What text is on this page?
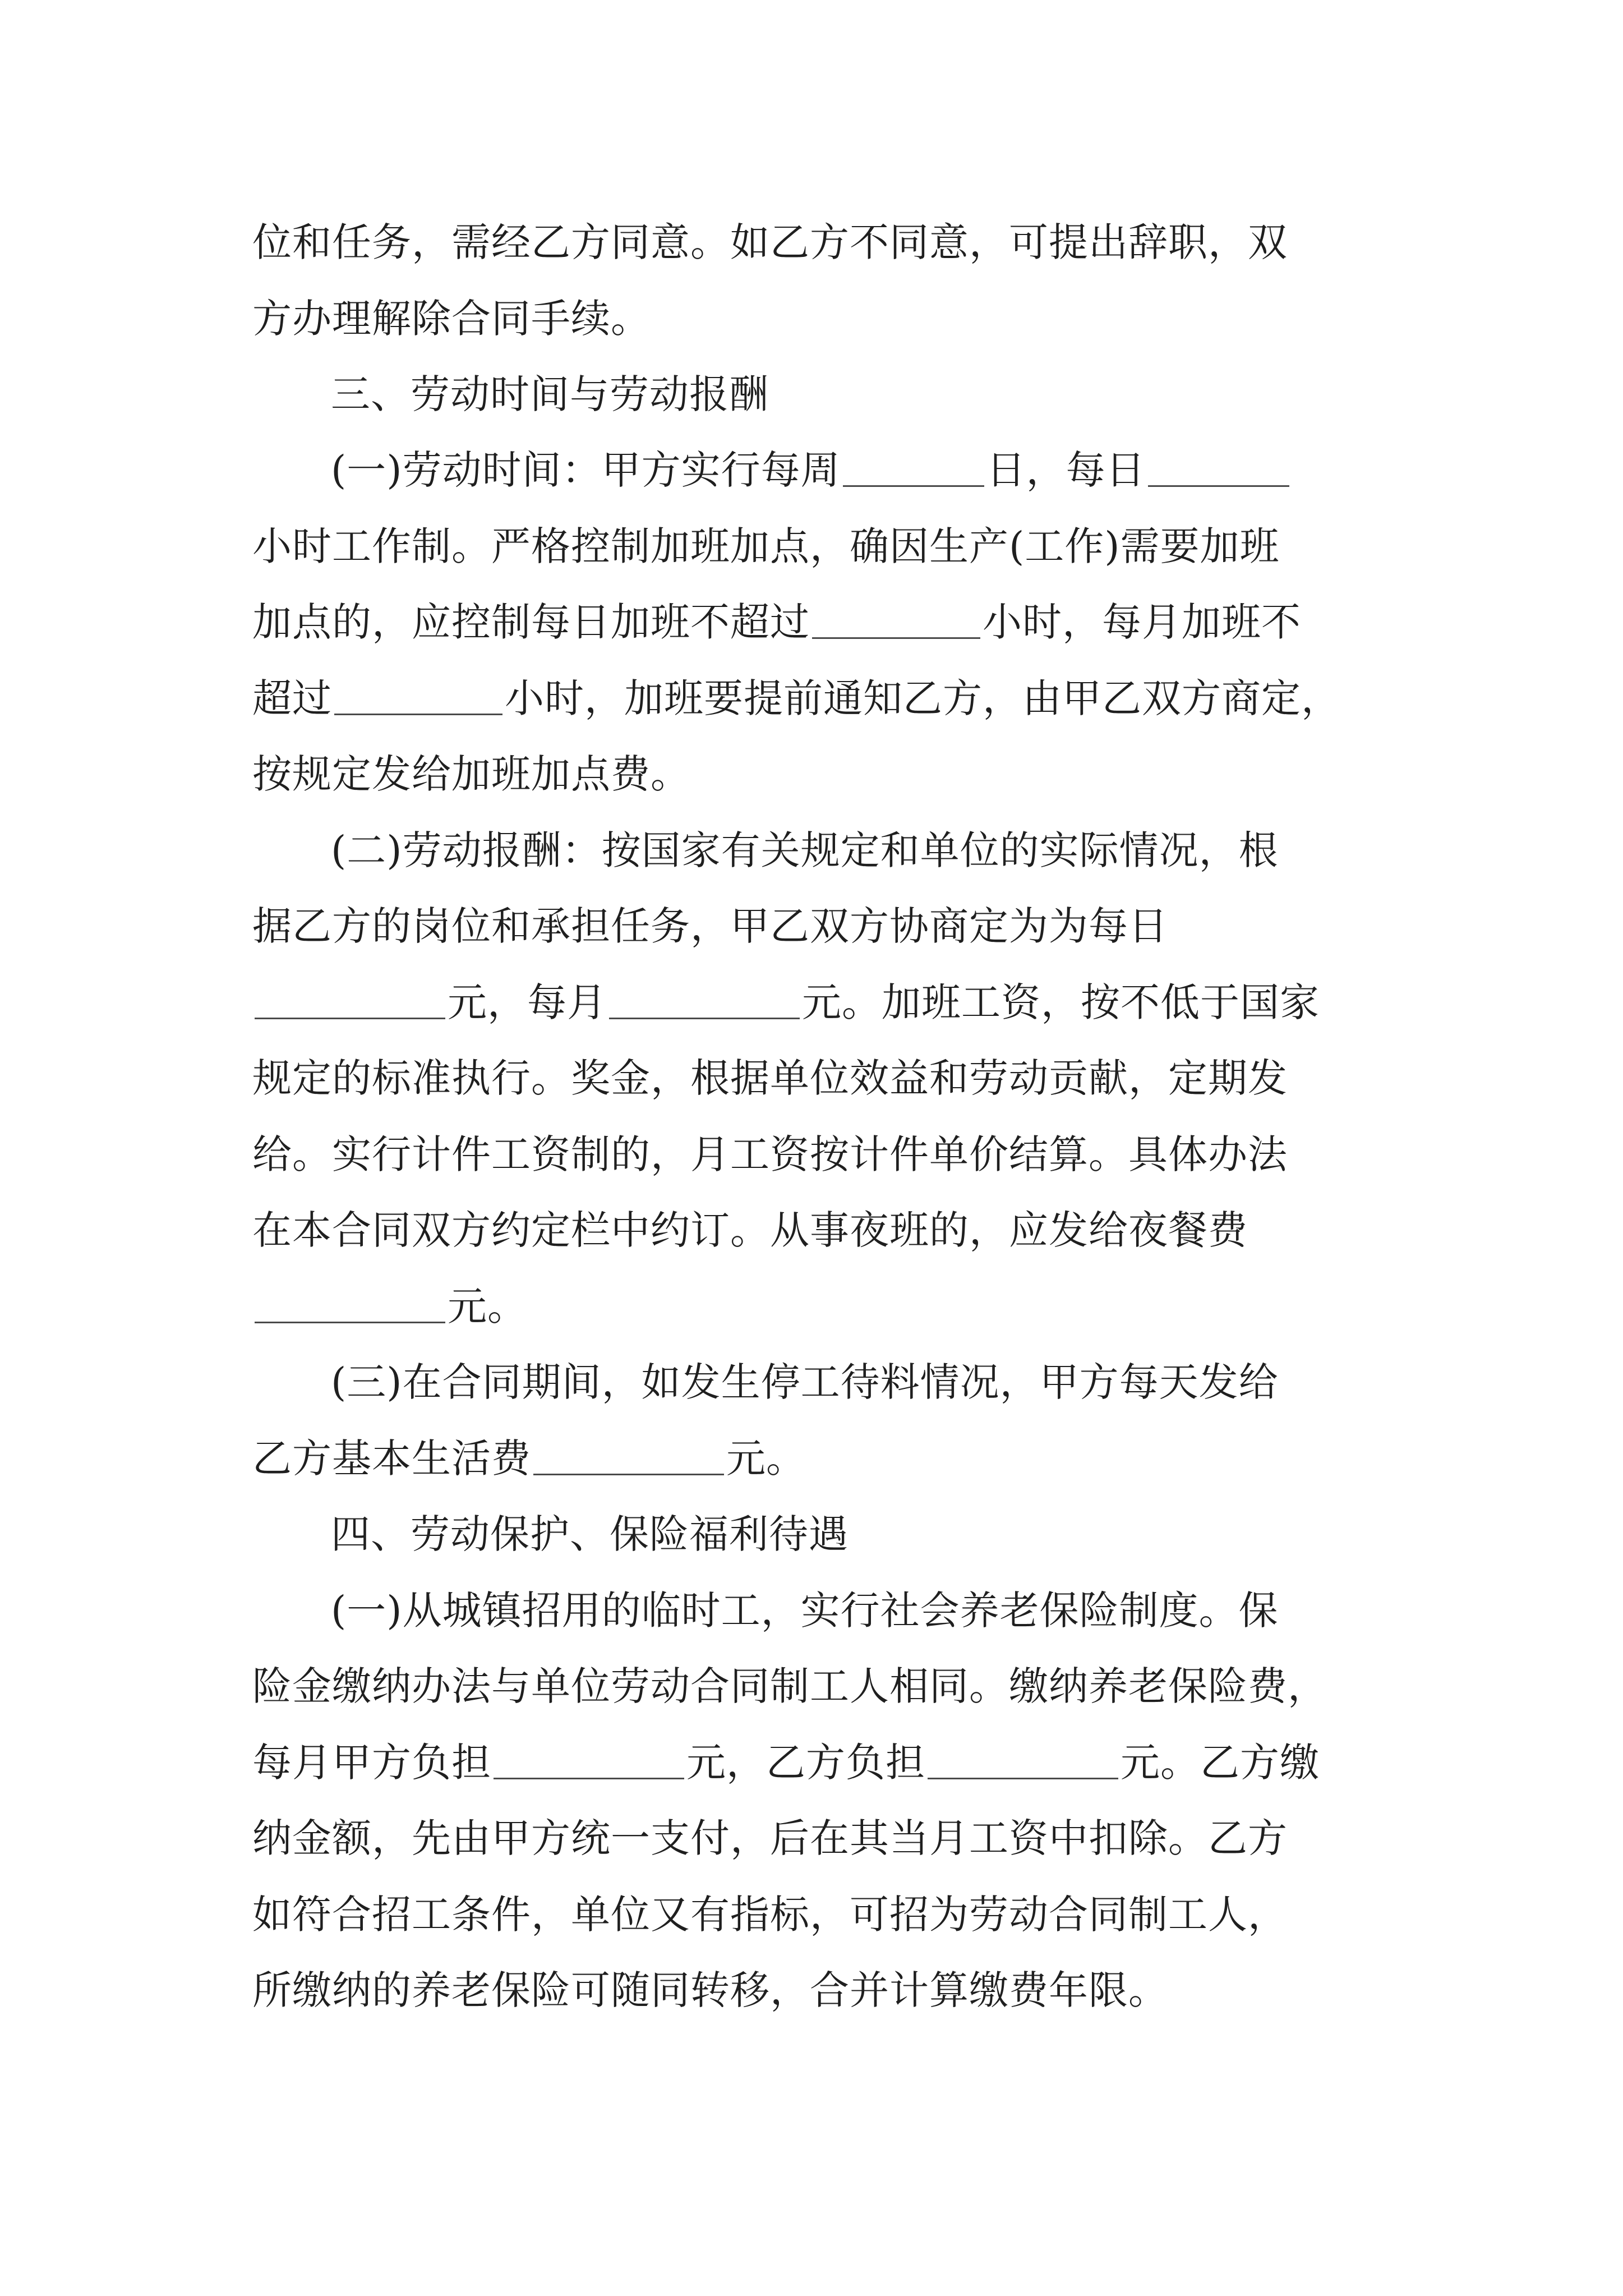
位和任务，需经乙方同意。如乙方不同意，可提出辞职，双
方办理解除合同手续。
三、劳动时间与劳动报酬
(一)劳动时间：甲方实行每周	日，每日
小时工作制。严格控制加班加点，确因生产(工作)需要加班
加点的，应控制每日加班不超过	小时，每月加班不
超过	小时，加班要提前通知乙方，由甲乙双方商定，
按规定发给加班加点费。
(二)劳动报酬：按国家有关规定和单位的实际情况，根
据乙方的岗位和承担任务，甲乙双方协商定为为每日
元，每月	元。加班工资，按不低于国家
规定的标准执行。奖金，根据单位效益和劳动贡献，定期发
给。实行计件工资制的，月工资按计件单价结算。具体办法
在本合同双方约定栏中约订。从事夜班的，应发给夜餐费
元。
(三)在合同期间，如发生停工待料情况，甲方每天发给
乙方基本生活费	元。
四、劳动保护、保险福利待遇
(一)从城镇招用的临时工，实行社会养老保险制度。保
险金缴纳办法与单位劳动合同制工人相同。缴纳养老保险费，
每月甲方负担	元，乙方负担	元。乙方缴
纳金额，先由甲方统一支付，后在其当月工资中扣除。乙方
如符合招工条件，单位又有指标，可招为劳动合同制工人，
所缴纳的养老保险可随同转移，合并计算缴费年限。
